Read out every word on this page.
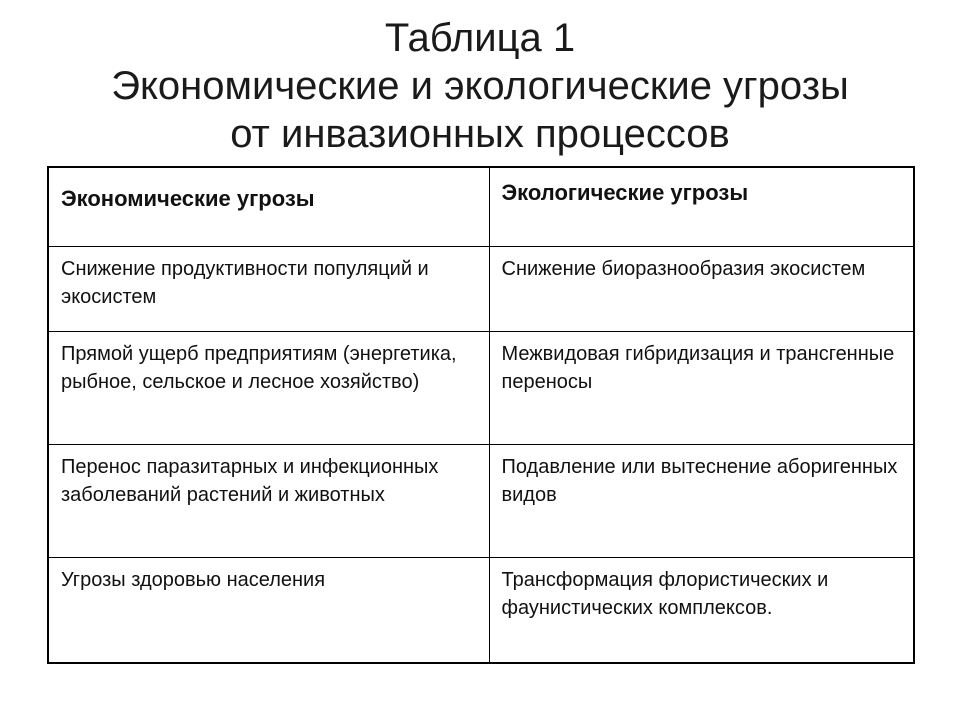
Таблица 1
Экономические и экологические угрозы
от инвазионных процессов
Экономические угрозы	Экологические угрозы
Снижение продуктивности популяций и экосистем	Снижение биоразнообразия экосистем
Прямой ущерб предприятиям (энергетика, рыбное, сельское и лесное хозяйство)	Межвидовая гибридизация и трансгенные переносы
Перенос паразитарных и инфекционных заболеваний растений и животных	Подавление или вытеснение аборигенных видов
Угрозы здоровью населения	Трансформация флористических и фаунистических комплексов.
